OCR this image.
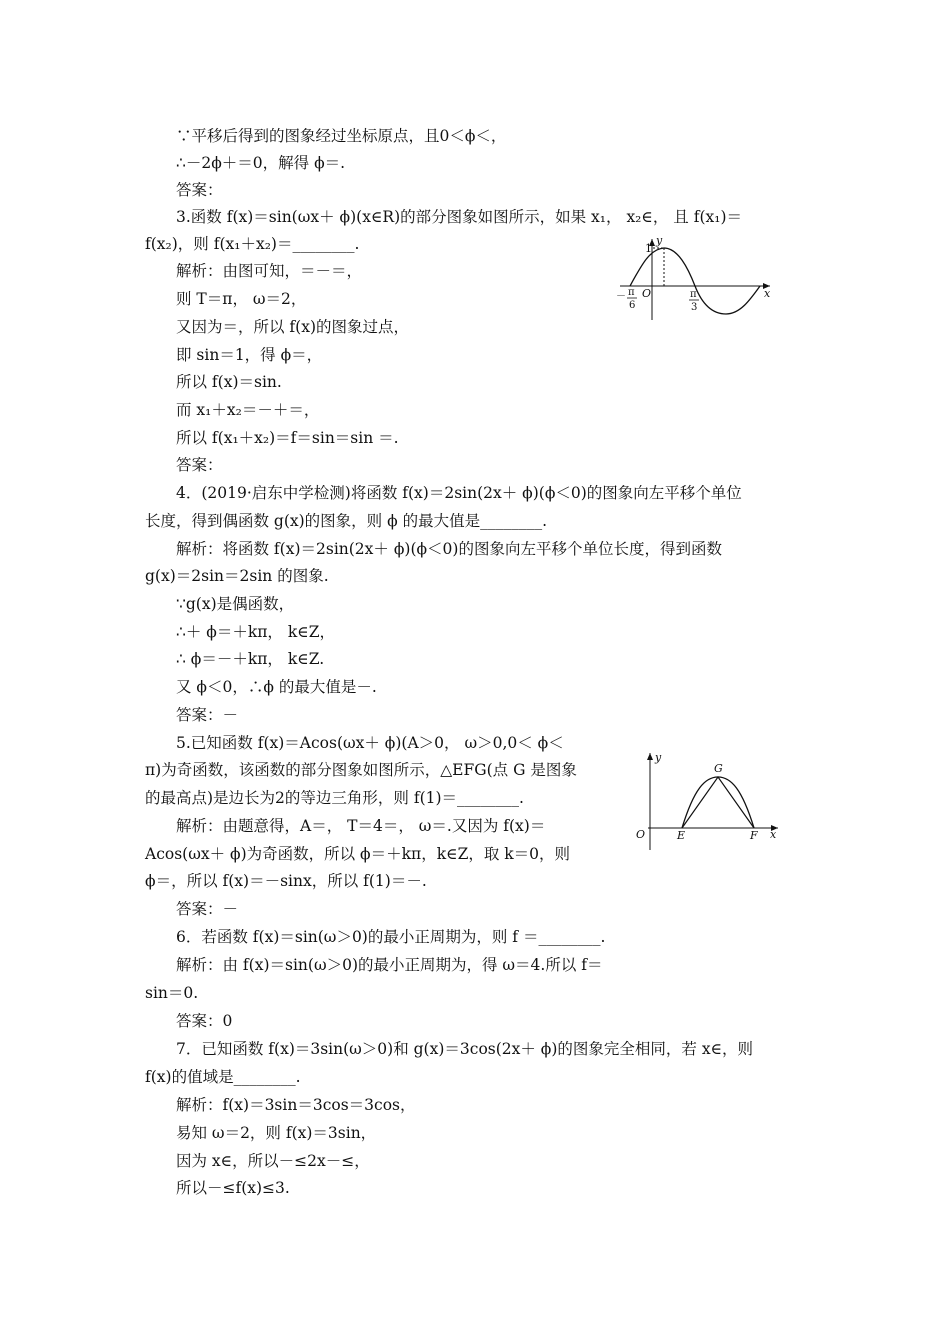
∵平移后得到的图象经过坐标原点，且0＜ϕ＜，
∴－2ϕ＋＝0，解得 ϕ＝.
答案：
3.函数 f(x)＝sin(ωx＋ ϕ)(x∈R)的部分图象如图所示，如果 x₁， x₂∈， 且 f(x₁)＝
f(x₂)，则 f(x₁＋x₂)＝________.
解析：由图可知，＝－＝，
则 T＝π， ω＝2，
又因为＝，所以 f(x)的图象过点，
即 sin＝1，得 ϕ＝，
所以 f(x)＝sin.
而 x₁＋x₂＝－＋＝，
所以 f(x₁＋x₂)＝f＝sin＝sin ＝.
答案：
4．(2019·启东中学检测)将函数 f(x)＝2sin(2x＋ ϕ)(ϕ＜0)的图象向左平移个单位
长度，得到偶函数 g(x)的图象，则 ϕ 的最大值是________.
解析：将函数 f(x)＝2sin(2x＋ ϕ)(ϕ＜0)的图象向左平移个单位长度，得到函数
g(x)＝2sin＝2sin 的图象.
∵g(x)是偶函数，
∴＋ ϕ＝＋kπ， k∈Z，
∴ ϕ＝－＋kπ， k∈Z.
又 ϕ＜0，∴ϕ 的最大值是－.
答案：－
5.已知函数 f(x)＝Acos(ωx＋ ϕ)(A＞0， ω＞0,0＜ ϕ＜
π)为奇函数，该函数的部分图象如图所示，△EFG(点 G 是图象
的最高点)是边长为2的等边三角形，则 f(1)＝________.
解析：由题意得，A＝， T＝4＝， ω＝.又因为 f(x)＝
Acos(ωx＋ ϕ)为奇函数，所以 ϕ＝＋kπ，k∈Z，取 k＝0，则
ϕ＝，所以 f(x)＝－sinx，所以 f(1)＝－.
答案：－
6．若函数 f(x)＝sin(ω＞0)的最小正周期为，则 f ＝________.
解析：由 f(x)＝sin(ω＞0)的最小正周期为，得 ω＝4.所以 f＝
sin＝0.
答案：0
7．已知函数 f(x)＝3sin(ω＞0)和 g(x)＝3cos(2x＋ ϕ)的图象完全相同，若 x∈，则
f(x)的值域是________.
解析：f(x)＝3sin＝3cos＝3cos，
易知 ω＝2，则 f(x)＝3sin，
因为 x∈，所以－≤2x－≤，
所以－≤f(x)≤3.
y
1
O	x
－ π
6
π
3
y
G
O	E	F x
